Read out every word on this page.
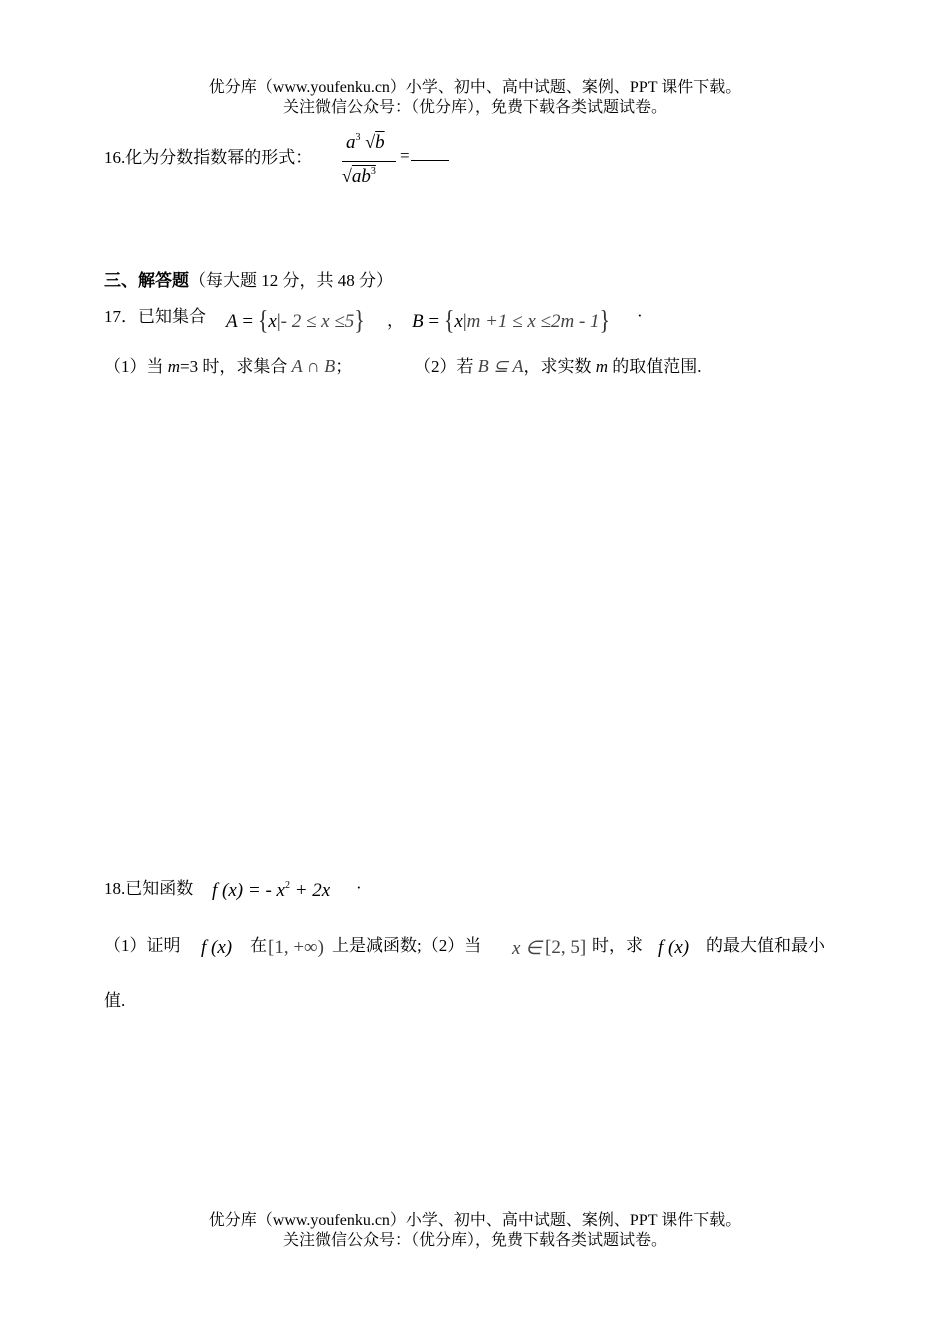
优分库（www.youfenku.cn）小学、初中、高中试题、案例、PPT 课件下载。
关注微信公众号：（优分库），免费下载各类试题试卷。
16.化为分数指数幂的形式：
$a^3$ √b
$√ab^3$
=
三、解答题（每大题 12 分，共 48 分）
17．已知集合 A = {x|- 2 ≤ x ≤5} ， B = {x|m +1 ≤ x ≤2m - 1} ·
（1）当 m=3 时，求集合 A ∩ B；	（2）若 B ⊆ A，求实数 m 的取值范围.
18.已知函数 f (x) = - $x^2 + 2x$ ·
（1）证明 f (x) 在 [1, +∞) 上是减函数;（2）当 x ∈ [2, 5] 时，求 f (x) 的最大值和最小
值.
优分库（www.youfenku.cn）小学、初中、高中试题、案例、PPT 课件下载。
关注微信公众号：（优分库），免费下载各类试题试卷。
